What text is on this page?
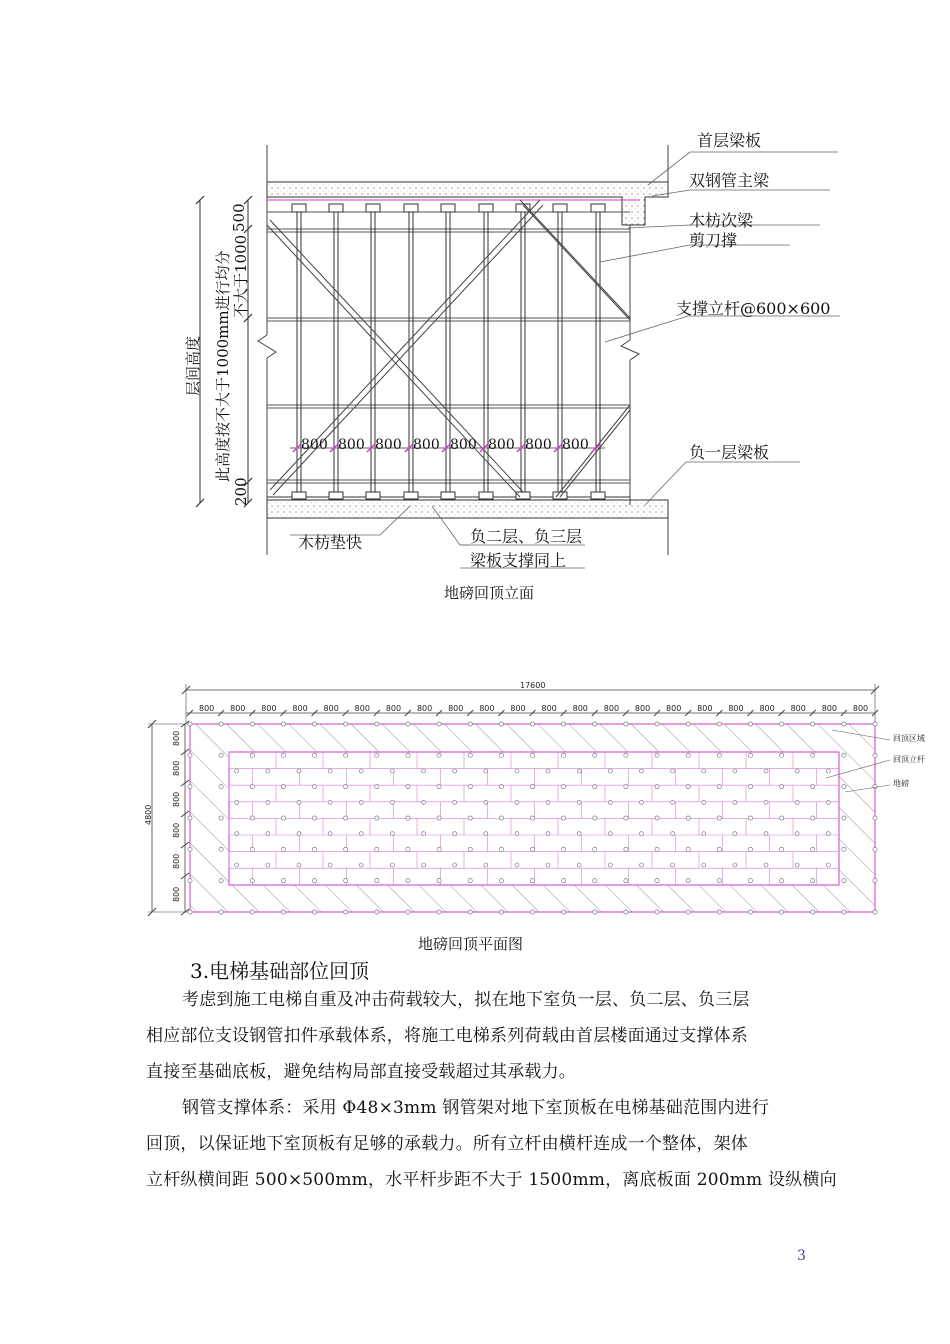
首层梁板
双钢管主梁
木枋次梁
剪刀撑
支撑立杆@600×600
负一层梁板
木枋垫快	负二层、负三层
梁板支撑同上
层间高度 此高度按不大于1000mm进行均分 不大于1000
500
200
800 800 800 800 800 800 800 800
地磅回顶立面
17600
800 800 800 800 800 800 800 800 800 800 800 800 800 800 800 800 800 800 800 800 800 800
4800
800
800
800
800
800
800
回顶区域
回顶立杆
地磅
地磅回顶平面图
3.电梯基础部位回顶
考虑到施工电梯自重及冲击荷载较大，拟在地下室负一层、负二层、负三层
相应部位支设钢管扣件承载体系，将施工电梯系列荷载由首层楼面通过支撑体系
直接至基础底板，避免结构局部直接受载超过其承载力。
钢管支撑体系：采用 Φ48×3mm 钢管架对地下室顶板在电梯基础范围内进行
回顶，以保证地下室顶板有足够的承载力。所有立杆由横杆连成一个整体，架体
立杆纵横间距 500×500mm，水平杆步距不大于 1500mm，离底板面 200mm 设纵横向
3
